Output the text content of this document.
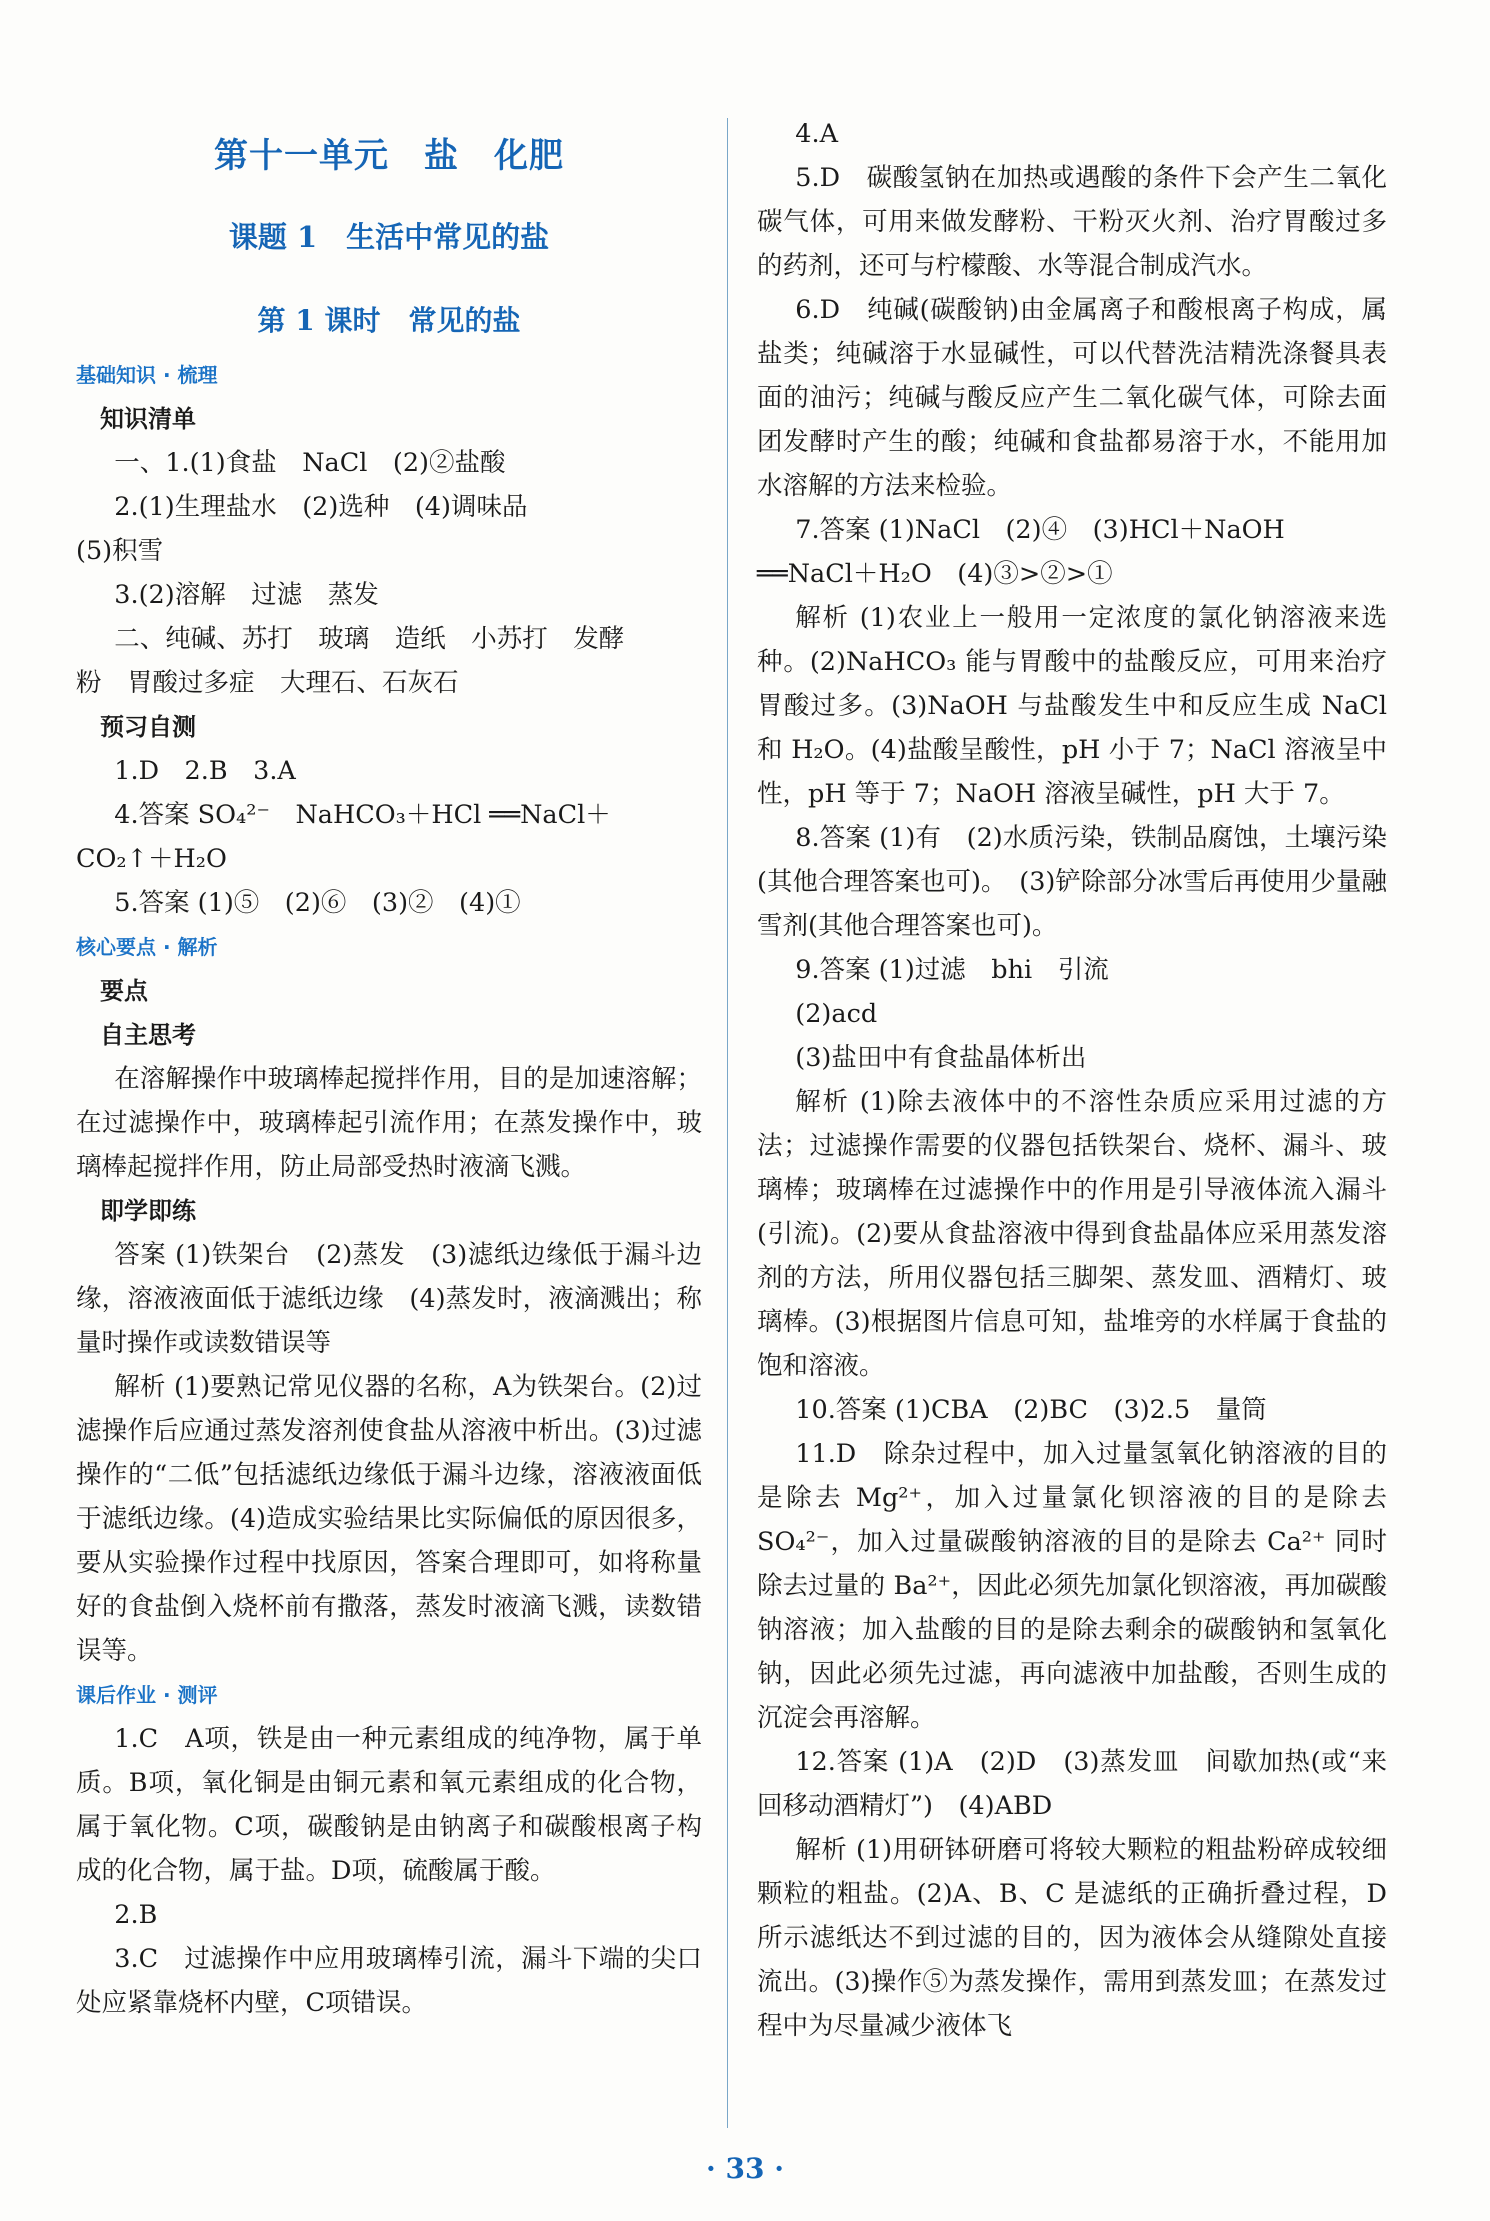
第十一单元　盐　化肥
课题 1　生活中常见的盐
第 1 课时　常见的盐
基础知识 · 梳理
知识清单
一、1.(1)食盐　NaCl　(2)②盐酸
2.(1)生理盐水　(2)选种　(4)调味品
(5)积雪
3.(2)溶解　过滤　蒸发
二、纯碱、苏打　玻璃　造纸　小苏打　发酵
粉　胃酸过多症　大理石、石灰石
预习自测
1.D　2.B　3.A
4.答案 SO₄²⁻　NaHCO₃＋HCl ══NaCl＋
CO₂↑＋H₂O
5.答案 (1)⑤　(2)⑥　(3)②　(4)①
核心要点 · 解析
要点
自主思考
在溶解操作中玻璃棒起搅拌作用，目的是加速溶解；在过滤操作中，玻璃棒起引流作用；在蒸发操作中，玻璃棒起搅拌作用，防止局部受热时液滴飞溅。
即学即练
答案 (1)铁架台　(2)蒸发　(3)滤纸边缘低于漏斗边缘，溶液液面低于滤纸边缘　(4)蒸发时，液滴溅出；称量时操作或读数错误等
解析 (1)要熟记常见仪器的名称，A为铁架台。(2)过滤操作后应通过蒸发溶剂使食盐从溶液中析出。(3)过滤操作的“二低”包括滤纸边缘低于漏斗边缘，溶液液面低于滤纸边缘。(4)造成实验结果比实际偏低的原因很多，要从实验操作过程中找原因，答案合理即可，如将称量好的食盐倒入烧杯前有撒落，蒸发时液滴飞溅，读数错误等。
课后作业 · 测评
1.C　A项，铁是由一种元素组成的纯净物，属于单质。B项，氧化铜是由铜元素和氧元素组成的化合物，属于氧化物。C项，碳酸钠是由钠离子和碳酸根离子构成的化合物，属于盐。D项，硫酸属于酸。
2.B
3.C　过滤操作中应用玻璃棒引流，漏斗下端的尖口处应紧靠烧杯内壁，C项错误。
4.A
5.D　碳酸氢钠在加热或遇酸的条件下会产生二氧化碳气体，可用来做发酵粉、干粉灭火剂、治疗胃酸过多的药剂，还可与柠檬酸、水等混合制成汽水。
6.D　纯碱(碳酸钠)由金属离子和酸根离子构成，属盐类；纯碱溶于水显碱性，可以代替洗洁精洗涤餐具表面的油污；纯碱与酸反应产生二氧化碳气体，可除去面团发酵时产生的酸；纯碱和食盐都易溶于水，不能用加水溶解的方法来检验。
7.答案 (1)NaCl　(2)④　(3)HCl＋NaOH
══NaCl＋H₂O　(4)③>②>①
解析 (1)农业上一般用一定浓度的氯化钠溶液来选种。(2)NaHCO₃ 能与胃酸中的盐酸反应，可用来治疗胃酸过多。(3)NaOH 与盐酸发生中和反应生成 NaCl 和 H₂O。(4)盐酸呈酸性，pH 小于 7；NaCl 溶液呈中性，pH 等于 7；NaOH 溶液呈碱性，pH 大于 7。
8.答案 (1)有　(2)水质污染，铁制品腐蚀，土壤污染(其他合理答案也可)。　(3)铲除部分冰雪后再使用少量融雪剂(其他合理答案也可)。
9.答案 (1)过滤　bhi　引流
(2)acd
(3)盐田中有食盐晶体析出
解析 (1)除去液体中的不溶性杂质应采用过滤的方法；过滤操作需要的仪器包括铁架台、烧杯、漏斗、玻璃棒；玻璃棒在过滤操作中的作用是引导液体流入漏斗(引流)。(2)要从食盐溶液中得到食盐晶体应采用蒸发溶剂的方法，所用仪器包括三脚架、蒸发皿、酒精灯、玻璃棒。(3)根据图片信息可知，盐堆旁的水样属于食盐的饱和溶液。
10.答案 (1)CBA　(2)BC　(3)2.5　量筒
11.D　除杂过程中，加入过量氢氧化钠溶液的目的是除去 Mg²⁺，加入过量氯化钡溶液的目的是除去 SO₄²⁻，加入过量碳酸钠溶液的目的是除去 Ca²⁺ 同时除去过量的 Ba²⁺，因此必须先加氯化钡溶液，再加碳酸钠溶液；加入盐酸的目的是除去剩余的碳酸钠和氢氧化钠，因此必须先过滤，再向滤液中加盐酸，否则生成的沉淀会再溶解。
12.答案 (1)A　(2)D　(3)蒸发皿　间歇加热(或“来回移动酒精灯”)　(4)ABD
解析 (1)用研钵研磨可将较大颗粒的粗盐粉碎成较细颗粒的粗盐。(2)A、B、C 是滤纸的正确折叠过程，D 所示滤纸达不到过滤的目的，因为液体会从缝隙处直接流出。(3)操作⑤为蒸发操作，需用到蒸发皿；在蒸发过程中为尽量减少液体飞
· 33 ·
